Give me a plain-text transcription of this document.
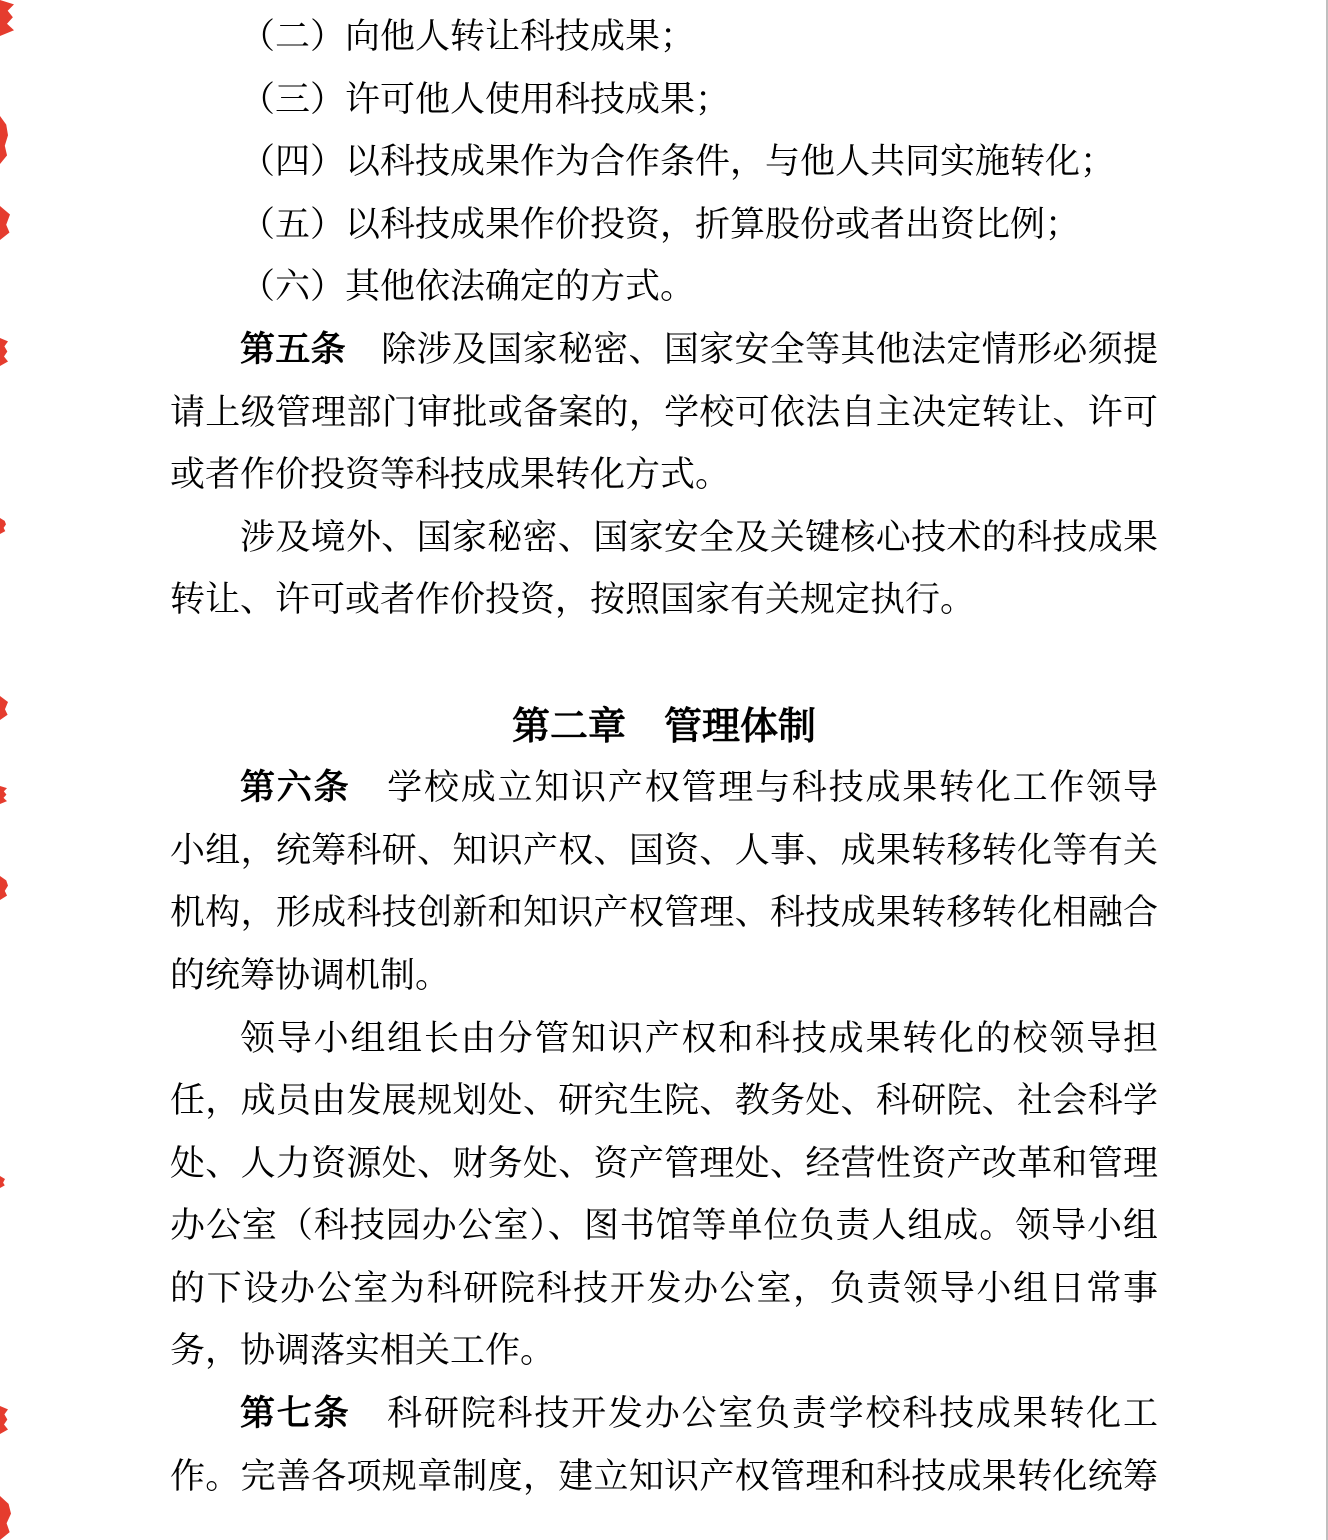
（二）向他人转让科技成果；
（三）许可他人使用科技成果；
（四）以科技成果作为合作条件，与他人共同实施转化；
（五）以科技成果作价投资，折算股份或者出资比例；
（六）其他依法确定的方式。
第五条　除涉及国家秘密、国家安全等其他法定情形必须提
请上级管理部门审批或备案的，学校可依法自主决定转让、许可
或者作价投资等科技成果转化方式。
涉及境外、国家秘密、国家安全及关键核心技术的科技成果
转让、许可或者作价投资，按照国家有关规定执行。
第二章　管理体制
第六条　学校成立知识产权管理与科技成果转化工作领导
小组，统筹科研、知识产权、国资、人事、成果转移转化等有关
机构，形成科技创新和知识产权管理、科技成果转移转化相融合
的统筹协调机制。
领导小组组长由分管知识产权和科技成果转化的校领导担
任，成员由发展规划处、研究生院、教务处、科研院、社会科学
处、人力资源处、财务处、资产管理处、经营性资产改革和管理
办公室（科技园办公室）、图书馆等单位负责人组成。领导小组
的下设办公室为科研院科技开发办公室，负责领导小组日常事
务，协调落实相关工作。
第七条　科研院科技开发办公室负责学校科技成果转化工
作。完善各项规章制度，建立知识产权管理和科技成果转化统筹
